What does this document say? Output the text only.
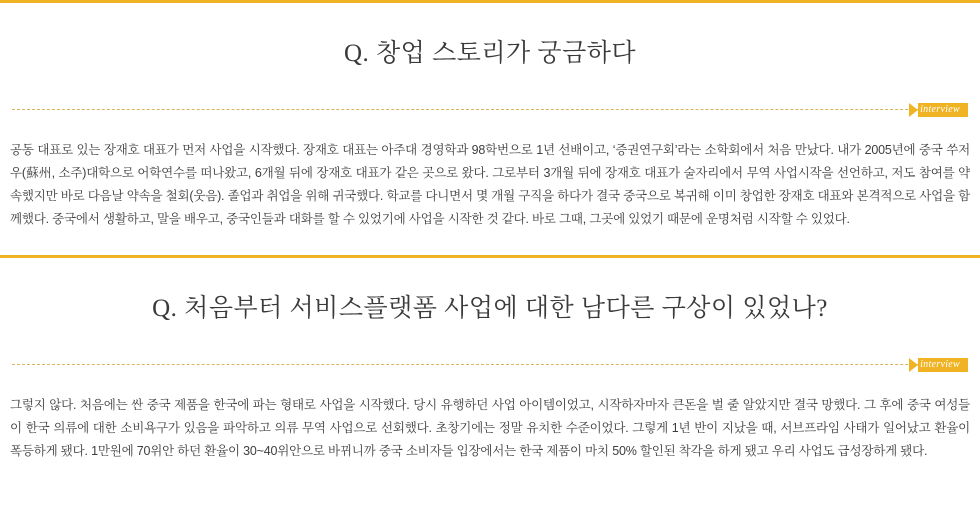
Q. 창업 스토리가 궁금하다
interview

공동 대표로 있는 장재호 대표가 먼저 사업을 시작했다. 장재호 대표는 아주대 경영학과 98학번으로 1년 선배이고, ‘증권연구회’라는 소학회에서 처음 만났다. 내가 2005년에 중국 쑤저우(蘇州, 소주)대학으로 어학연수를 떠나왔고, 6개월 뒤에 장재호 대표가 같은 곳으로 왔다. 그로부터 3개월 뒤에 장재호 대표가 술자리에서 무역 사업시작을 선언하고, 저도 참여를 약속했지만 바로 다음날 약속을 철회(웃음). 졸업과 취업을 위해 귀국했다. 학교를 다니면서 몇 개월 구직을 하다가 결국 중국으로 복귀해 이미 창업한 장재호 대표와 본격적으로 사업을 함께했다. 중국에서 생활하고, 말을 배우고, 중국인들과 대화를 할 수 있었기에 사업을 시작한 것 같다. 바로 그때, 그곳에 있었기 때문에 운명처럼 시작할 수 있었다.

Q. 처음부터 서비스플랫폼 사업에 대한 남다른 구상이 있었나?
interview

그렇지 않다. 처음에는 싼 중국 제품을 한국에 파는 형태로 사업을 시작했다. 당시 유행하던 사업 아이템이었고, 시작하자마자 큰돈을 벌 줄 알았지만 결국 망했다. 그 후에 중국 여성들이 한국 의류에 대한 소비욕구가 있음을 파악하고 의류 무역 사업으로 선회했다. 초창기에는 정말 유치한 수준이었다. 그렇게 1년 반이 지났을 때, 서브프라임 사태가 일어났고 환율이 폭등하게 됐다. 1만원에 70위안 하던 환율이 30~40위안으로 바뀌니까 중국 소비자들 입장에서는 한국 제품이 마치 50% 할인된 착각을 하게 됐고 우리 사업도 급성장하게 됐다.
